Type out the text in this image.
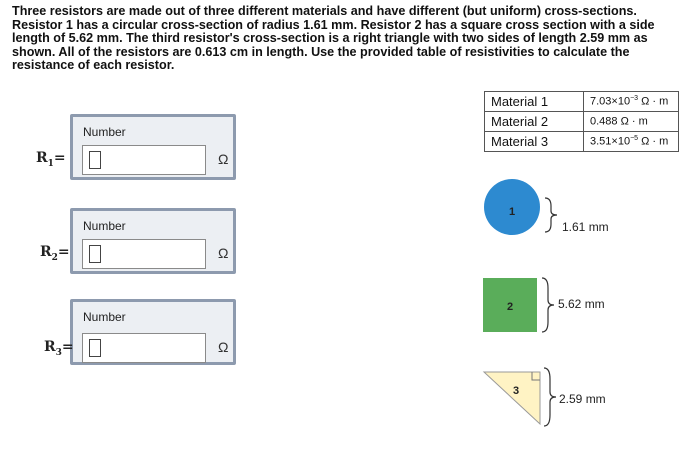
Three resistors are made out of three different materials and have different (but uniform) cross-sections.
Resistor 1 has a circular cross-section of radius 1.61 mm. Resistor 2 has a square cross section with a side
length of 5.62 mm. The third resistor's cross-section is a right triangle with two sides of length 2.59 mm as
shown. All of the resistors are 0.613 cm in length. Use the provided table of resistivities to calculate the
resistance of each resistor.
Material 1	$7.03\times 10^{-3}$ Ω · m
Material 2	0.488 Ω · m
Material 3	$3.51\times 10^{-5}$ Ω · m
Number
$R_1=$	Ω
Number
$R_2=$	Ω
Number
$R_3=$	Ω
1
1.61 mm
2	5.62 mm
3
2.59 mm
